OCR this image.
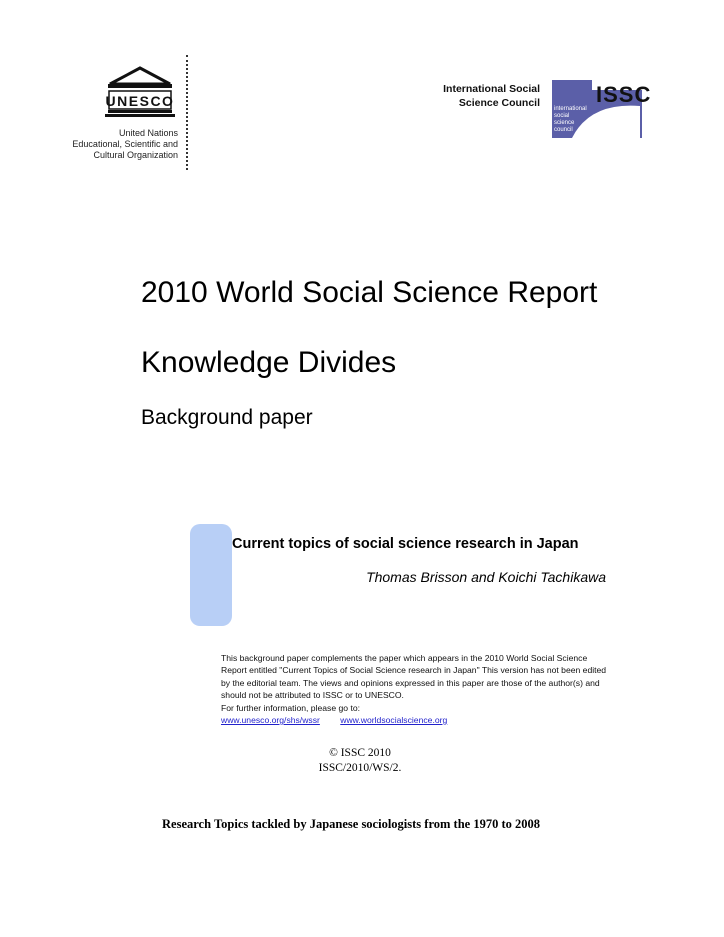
UNESCO
United Nations
Educational, Scientific and
Cultural Organization
International Social
Science Council	ISSC
international
social
science
council
2010 World Social Science Report
Knowledge Divides
Background paper
Current topics of social science research in Japan
Thomas Brisson and Koichi Tachikawa

This background paper complements the paper which appears in the 2010 World Social Science Report entitled "Current Topics of Social Science research in Japan" This version has not been edited by the editorial team. The views and opinions expressed in this paper are those of the author(s) and should not be attributed to ISSC or to UNESCO.

For further information, please go to:

www.unesco.org/shs/wssr www.worldsocialscience.org

© ISSC 2010
ISSC/2010/WS/2.
Research Topics tackled by Japanese sociologists from the 1970 to 2008
